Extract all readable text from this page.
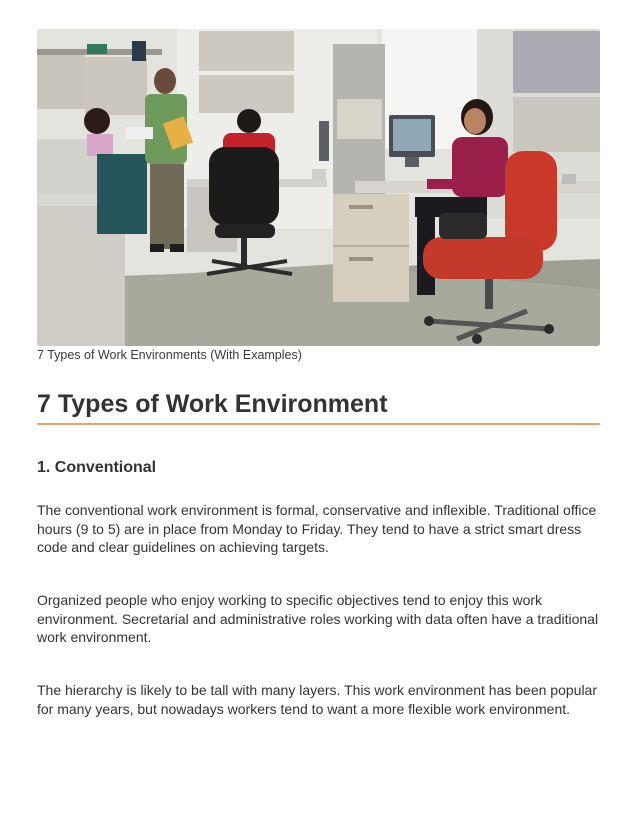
7 Types of Work Environments (With Examples)
7 Types of Work Environment
1. Conventional

The conventional work environment is formal, conservative and inflexible. Traditional office hours (9 to 5) are in place from Monday to Friday. They tend to have a strict smart dress code and clear guidelines on achieving targets.

Organized people who enjoy working to specific objectives tend to enjoy this work environment. Secretarial and administrative roles working with data often have a traditional work environment.

The hierarchy is likely to be tall with many layers. This work environment has been popular for many years, but nowadays workers tend to want a more flexible work environment.
